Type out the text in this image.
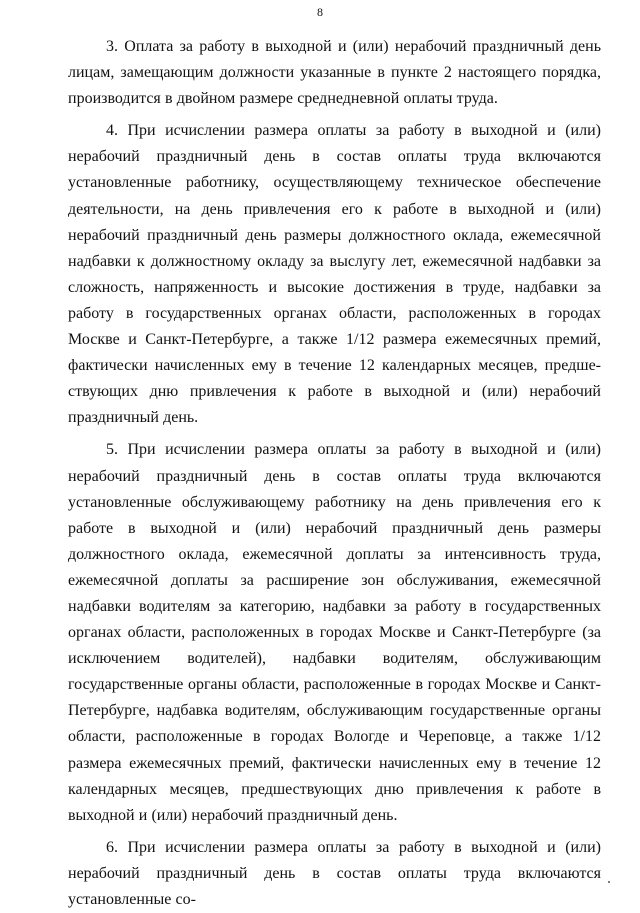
8

3. Оплата за работу в выходной и (или) нерабочий праздничный день лицам, замещающим должности указанные в пункте 2 настоящего порядка, производится в двойном размере среднедневной оплаты труда.

4. При исчислении размера оплаты за работу в выходной и (или) нерабочий праздничный день в состав оплаты труда включаются установленные работнику, осуществляющему техническое обеспечение деятельности, на день привлечения его к работе в выходной и (или) нерабочий праздничный день размеры должностного оклада, ежемесячной надбавки к должностному окладу за выслугу лет, ежемесячной надбавки за сложность, напряженность и высокие достижения в труде, надбавки за работу в государственных органах области, расположенных в городах Москве и Санкт-Петербурге, а также 1/12 размера ежемесячных премий, фактически начисленных ему в течение 12 календарных месяцев, предшествующих дню привлечения к работе в выходной и (или) нерабочий праздничный день.

5. При исчислении размера оплаты за работу в выходной и (или) нерабочий праздничный день в состав оплаты труда включаются установленные обслуживающему работнику на день привлечения его к работе в выходной и (или) нерабочий праздничный день размеры должностного оклада, ежемесячной доплаты за интенсивность труда, ежемесячной доплаты за расширение зон обслуживания, ежемесячной надбавки водителям за категорию, надбавки за работу в государственных органах области, расположенных в городах Москве и Санкт-Петербурге (за исключением водителей), надбавки водителям, обслуживающим государственные органы области, расположенные в городах Москве и Санкт-Петербурге, надбавка водителям, обслуживающим государственные органы области, расположенные в городах Вологде и Череповце, а также 1/12 размера ежемесячных премий, фактически начисленных ему в течение 12 календарных месяцев, предшествующих дню привлечения к работе в выходной и (или) нерабочий праздничный день.

6. При исчислении размера оплаты за работу в выходной и (или) нерабочий праздничный день в состав оплаты труда включаются установленные со-
